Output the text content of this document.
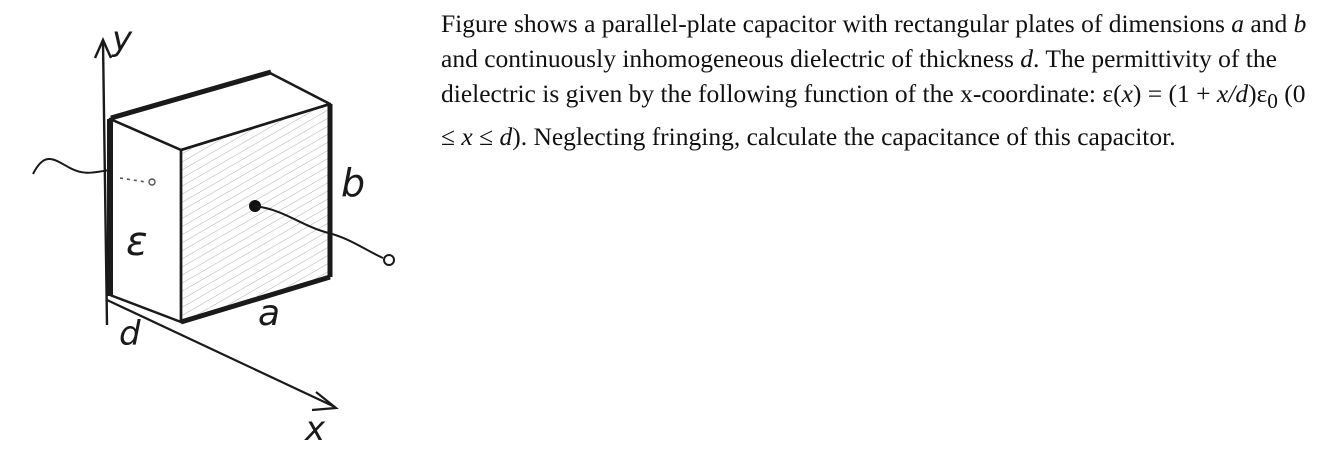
y
x
ε
b
a
d

Figure shows a parallel-plate capacitor with rectangular plates of dimensions a and b and continuously inhomogeneous dielectric of thickness d. The permittivity of the dielectric is given by the following function of the x-coordinate: $\varepsilon(x) = (1 + x/d)\varepsilon_0$ (0 ≤ x ≤ d). Neglecting fringing, calculate the capacitance of this capacitor.
